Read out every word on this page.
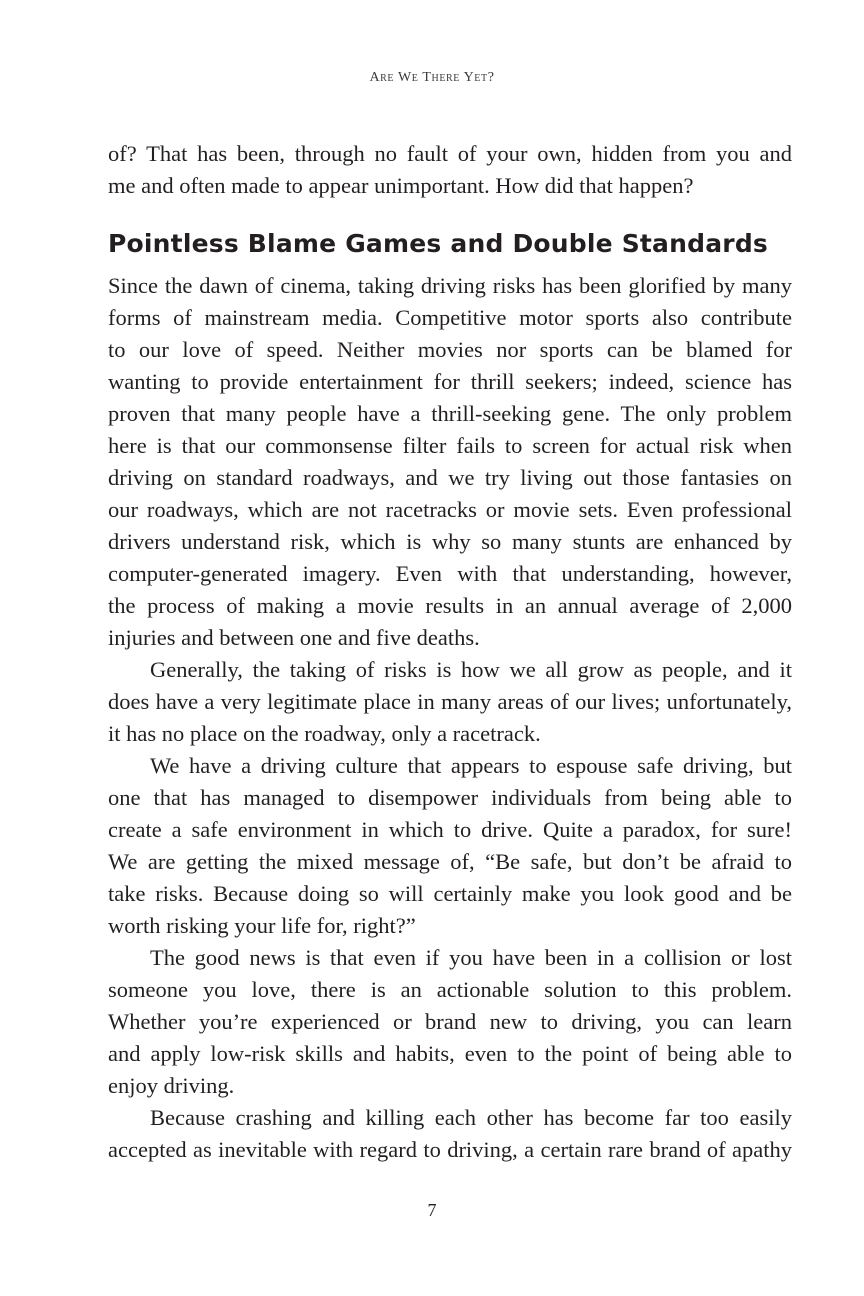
Are We There Yet?
of? That has been, through no fault of your own, hidden from you and
me and often made to appear unimportant. How did that happen?
Pointless Blame Games and Double Standards
Since the dawn of cinema, taking driving risks has been glorified by many
forms of mainstream media. Competitive motor sports also contribute
to our love of speed. Neither movies nor sports can be blamed for
wanting to provide entertainment for thrill seekers; indeed, science has
proven that many people have a thrill-seeking gene. The only problem
here is that our commonsense filter fails to screen for actual risk when
driving on standard roadways, and we try living out those fantasies on
our roadways, which are not racetracks or movie sets. Even professional
drivers understand risk, which is why so many stunts are enhanced by
computer-generated imagery. Even with that understanding, however,
the process of making a movie results in an annual average of 2,000
injuries and between one and five deaths.
Generally, the taking of risks is how we all grow as people, and it
does have a very legitimate place in many areas of our lives; unfortunately,
it has no place on the roadway, only a racetrack.
We have a driving culture that appears to espouse safe driving, but
one that has managed to disempower individuals from being able to
create a safe environment in which to drive. Quite a paradox, for sure!
We are getting the mixed message of, “Be safe, but don’t be afraid to
take risks. Because doing so will certainly make you look good and be
worth risking your life for, right?”
The good news is that even if you have been in a collision or lost
someone you love, there is an actionable solution to this problem.
Whether you’re experienced or brand new to driving, you can learn
and apply low-risk skills and habits, even to the point of being able to
enjoy driving.
Because crashing and killing each other has become far too easily
accepted as inevitable with regard to driving, a certain rare brand of apathy
7
